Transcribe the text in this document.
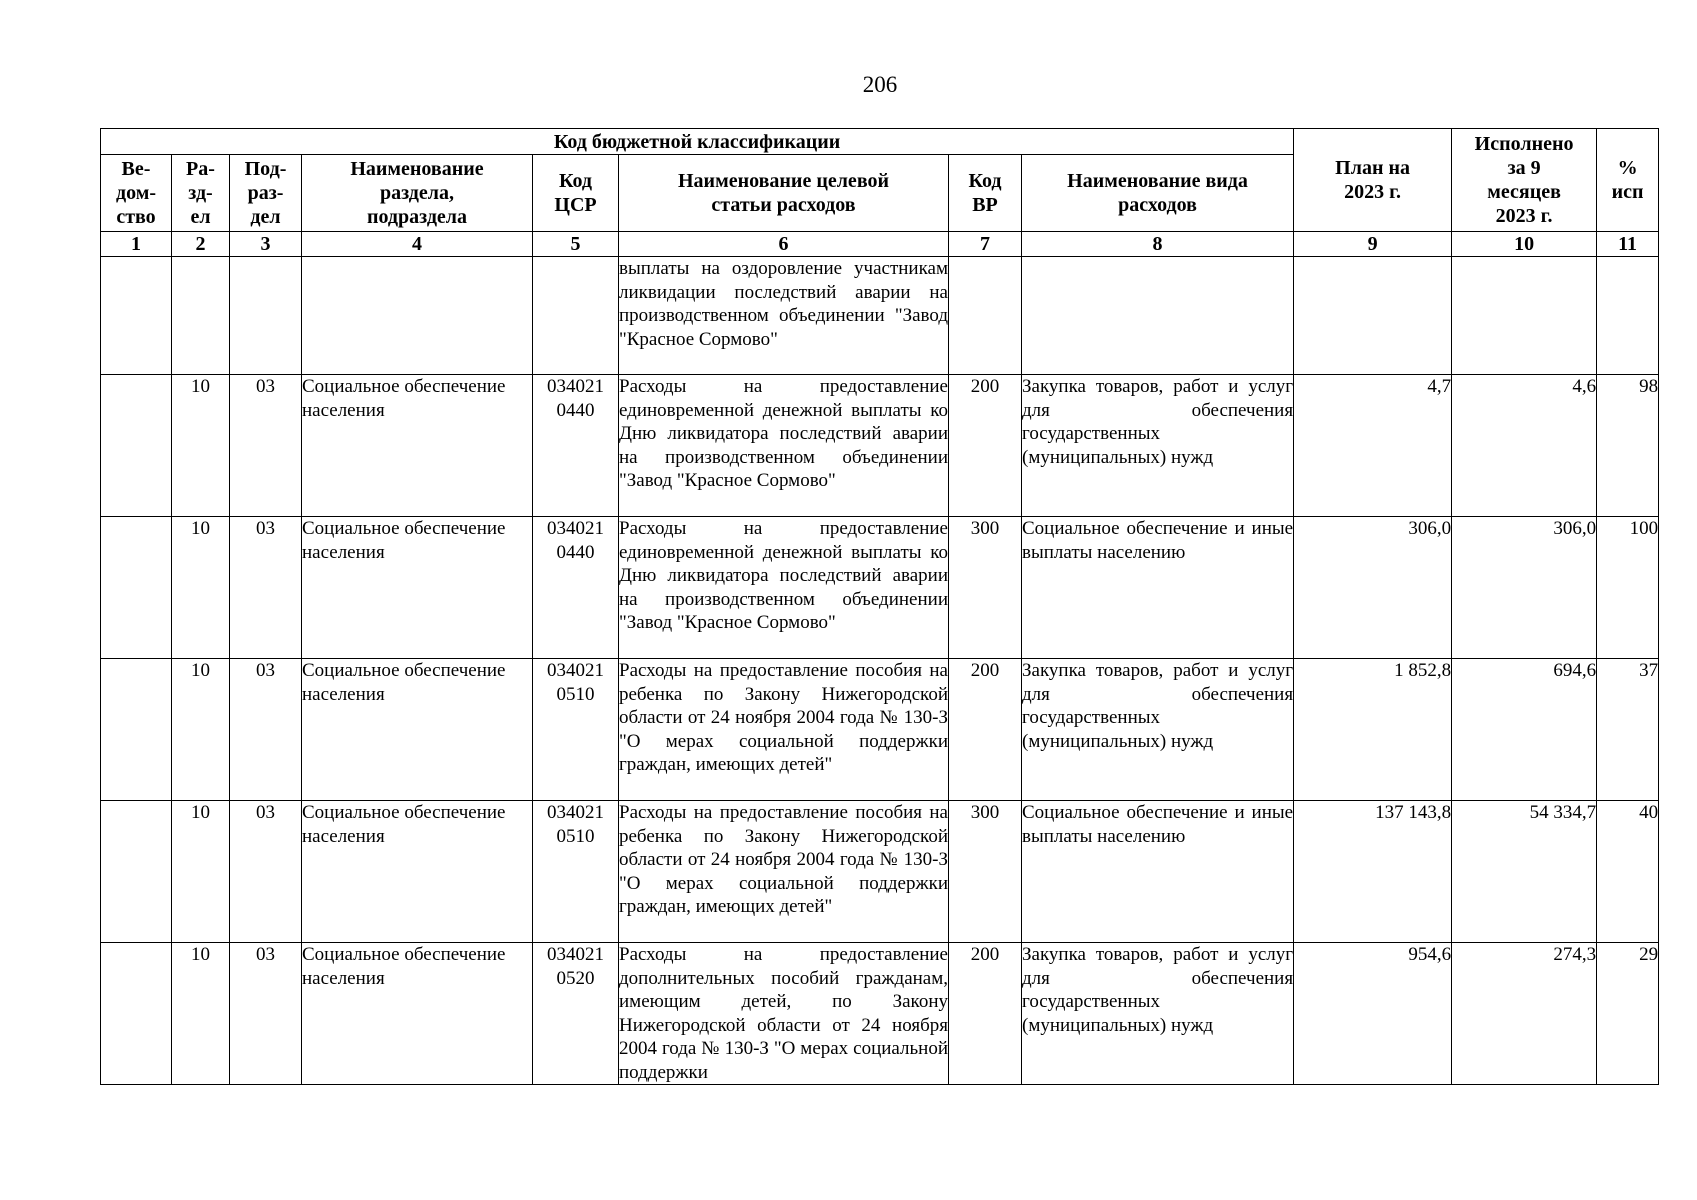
206
Код бюджетной классификации								План на
2023 г.	Исполнено
за 9
месяцев
2023 г.	%
исп
Ве-
дом-
ство	Ра-
зд-
ел	Под-
раз-
дел	Наименование
раздела,
подраздела	Код
ЦСР	Наименование целевой
статьи расходов	Код
ВР	Наименование вида
расходов			
1	2	3	4	5	6	7	8	9	10	11
					выплаты на оздоровление участникам ликвидации последствий аварии на производственном объединении "Завод "Красное Сормово"					
	10	03	Социальное обеспечение населения	034021
0440	Расходы на предоставление единовременной денежной выплаты ко Дню ликвидатора последствий аварии на производственном объединении "Завод "Красное Сормово"	200	Закупка товаров, работ и услуг для обеспечения государственных (муниципальных) нужд	4,7	4,6	98
	10	03	Социальное обеспечение населения	034021
0440	Расходы на предоставление единовременной денежной выплаты ко Дню ликвидатора последствий аварии на производственном объединении "Завод "Красное Сормово"	300	Социальное обеспечение и иные выплаты населению	306,0	306,0	100
	10	03	Социальное обеспечение населения	034021
0510	Расходы на предоставление пособия на ребенка по Закону Нижегородской области от 24 ноября 2004 года № 130-З "О мерах социальной поддержки граждан, имеющих детей"	200	Закупка товаров, работ и услуг для обеспечения государственных (муниципальных) нужд	1 852,8	694,6	37
	10	03	Социальное обеспечение населения	034021
0510	Расходы на предоставление пособия на ребенка по Закону Нижегородской области от 24 ноября 2004 года № 130-З "О мерах социальной поддержки граждан, имеющих детей"	300	Социальное обеспечение и иные выплаты населению	137 143,8	54 334,7	40
	10	03	Социальное обеспечение населения	034021
0520	Расходы на предоставление дополнительных пособий гражданам, имеющим детей, по Закону Нижегородской области от 24 ноября 2004 года № 130-З "О мерах социальной поддержки	200	Закупка товаров, работ и услуг для обеспечения государственных (муниципальных) нужд	954,6	274,3	29
